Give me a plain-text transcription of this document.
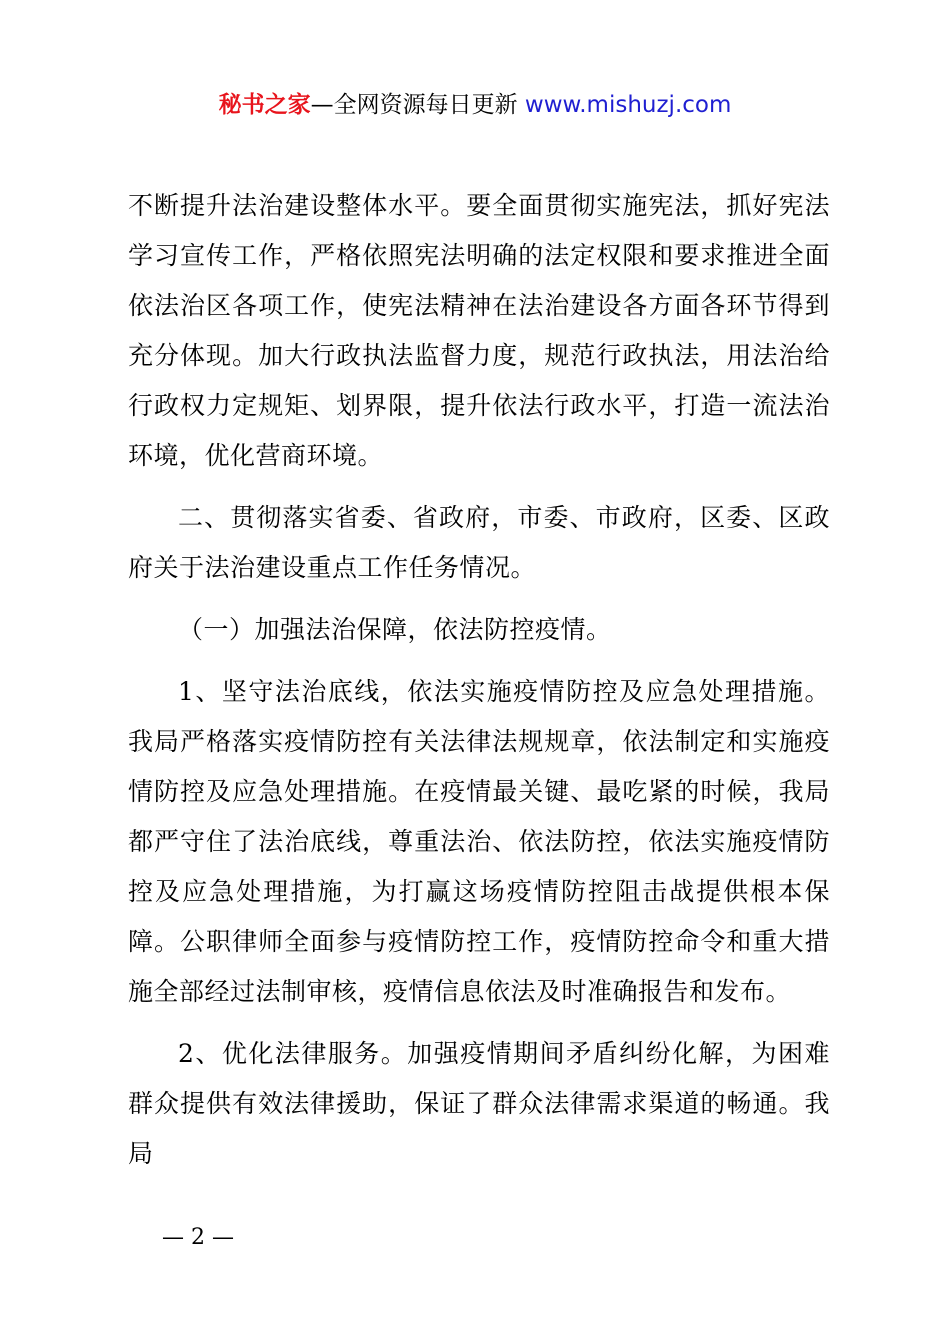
秘书之家—全网资源每日更新 www.mishuzj.com

不断提升法治建设整体水平。要全面贯彻实施宪法，抓好宪法学习宣传工作，严格依照宪法明确的法定权限和要求推进全面依法治区各项工作，使宪法精神在法治建设各方面各环节得到充分体现。加大行政执法监督力度，规范行政执法，用法治给行政权力定规矩、划界限，提升依法行政水平，打造一流法治环境，优化营商环境。

二、贯彻落实省委、省政府，市委、市政府，区委、区政府关于法治建设重点工作任务情况。

（一）加强法治保障，依法防控疫情。

1、坚守法治底线，依法实施疫情防控及应急处理措施。我局严格落实疫情防控有关法律法规规章，依法制定和实施疫情防控及应急处理措施。在疫情最关键、最吃紧的时候，我局都严守住了法治底线，尊重法治、依法防控，依法实施疫情防控及应急处理措施，为打赢这场疫情防控阻击战提供根本保障。公职律师全面参与疫情防控工作，疫情防控命令和重大措施全部经过法制审核，疫情信息依法及时准确报告和发布。

2、优化法律服务。加强疫情期间矛盾纠纷化解，为困难群众提供有效法律援助，保证了群众法律需求渠道的畅通。我局

— 2 —
